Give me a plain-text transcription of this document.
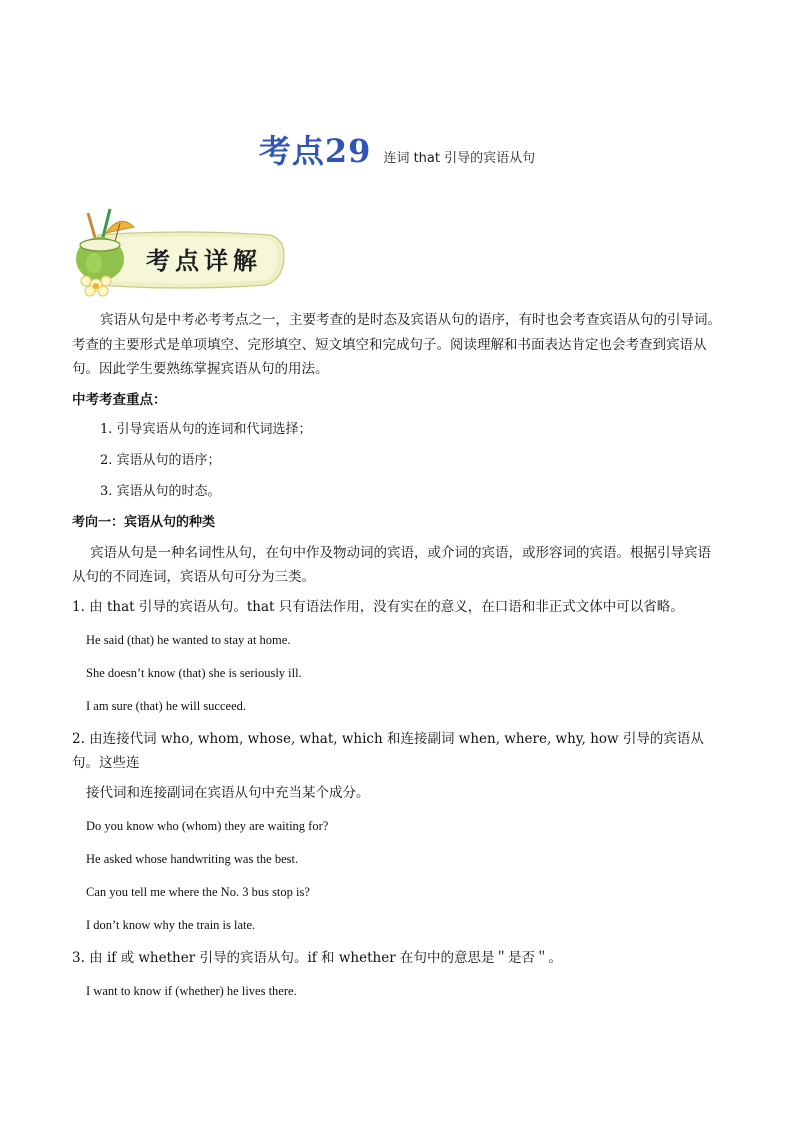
考点29 连词 that 引导的宾语从句
考点详解

宾语从句是中考必考考点之一，主要考查的是时态及宾语从句的语序，有时也会考查宾语从句的引导词。考查的主要形式是单项填空、完形填空、短文填空和完成句子。阅读理解和书面表达肯定也会考查到宾语从句。因此学生要熟练掌握宾语从句的用法。

中考考查重点：

1. 引导宾语从句的连词和代词选择；
2. 宾语从句的语序；
3. 宾语从句的时态。

考向一：宾语从句的种类

宾语从句是一种名词性从句，在句中作及物动词的宾语，或介词的宾语，或形容词的宾语。根据引导宾语从句的不同连词，宾语从句可分为三类。

1. 由 that 引导的宾语从句。that 只有语法作用，没有实在的意义，在口语和非正式文体中可以省略。

He said (that) he wanted to stay at home.

She doesn’t know (that) she is seriously ill.

I am sure (that) he will succeed.

2. 由连接代词 who, whom, whose, what, which 和连接副词 when, where, why, how 引导的宾语从句。这些连

接代词和连接副词在宾语从句中充当某个成分。

Do you know who (whom) they are waiting for?

He asked whose handwriting was the best.

Can you tell me where the No. 3 bus stop is?

I don’t know why the train is late.

3. 由 if 或 whether 引导的宾语从句。if 和 whether 在句中的意思是＂是否＂。

I want to know if (whether) he lives there.
